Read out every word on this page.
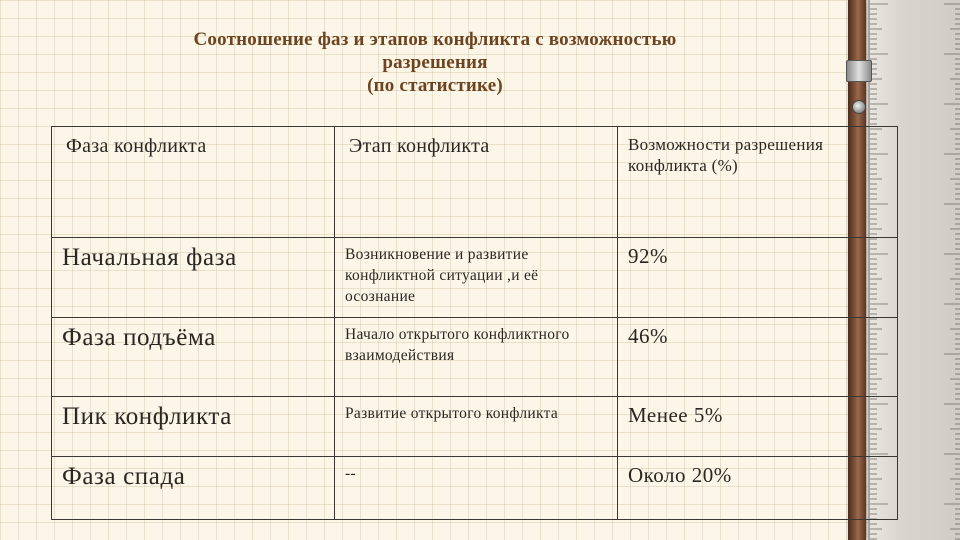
Соотношение фаз и этапов конфликта с возможностью
разрешения
(по статистике)
Фаза конфликта	Этап конфликта	Возможности разрешения конфликта (%)

Начальная фаза	Возникновение и развитие конфликтной ситуации ,и её осознание	92%

Фаза подъёма	Начало открытого конфликтного взаимодействия	46%

Пик конфликта	Развитие открытого конфликта	Менее 5%

Фаза спада	--	Около 20%
